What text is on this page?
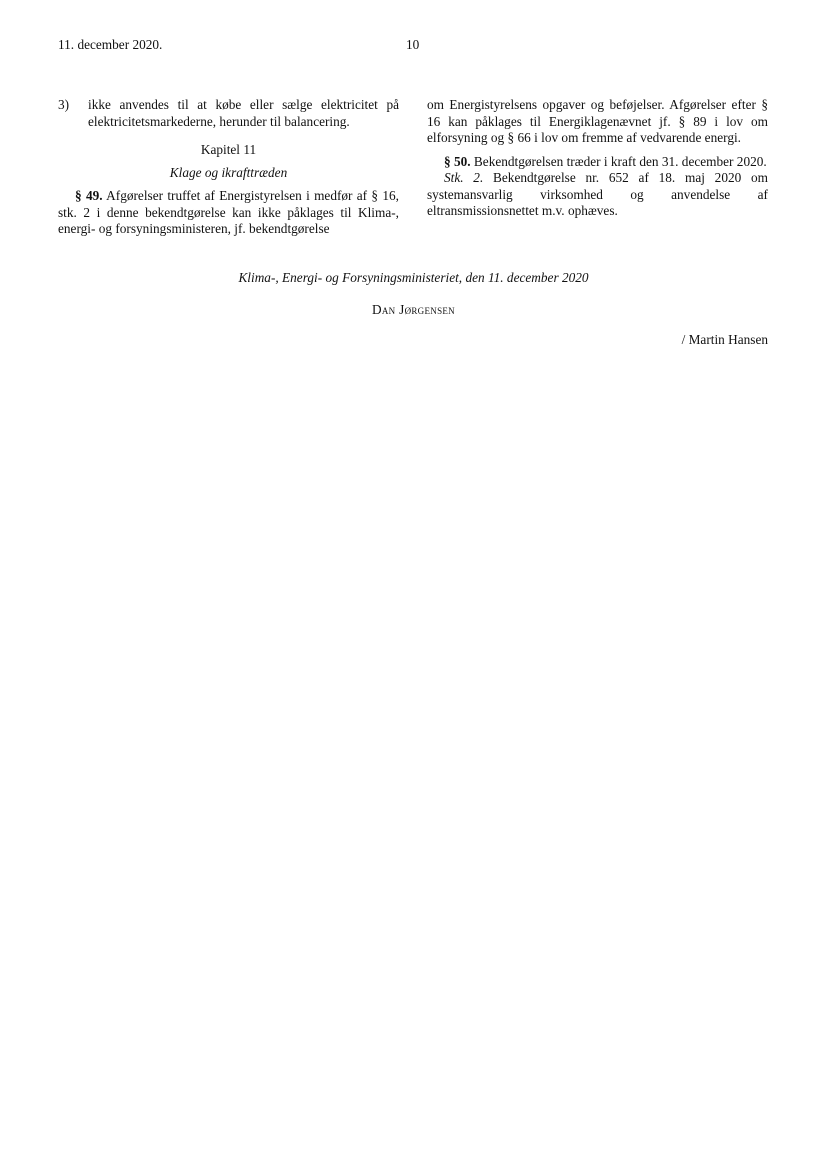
11. december 2020.	10
3)	ikke anvendes til at købe eller sælge elektricitet på elektricitetsmarkederne, herunder til balancering.
Kapitel 11
Klage og ikrafttræden
§ 49. Afgørelser truffet af Energistyrelsen i medfør af § 16, stk. 2 i denne bekendtgørelse kan ikke påklages til Klima-, energi- og forsyningsministeren, jf. bekendtgørelse
om Energistyrelsens opgaver og beføjelser. Afgørelser efter § 16 kan påklages til Energiklagenævnet jf. § 89 i lov om elforsyning og § 66 i lov om fremme af vedvarende energi.
§ 50. Bekendtgørelsen træder i kraft den 31. december 2020.
Stk. 2. Bekendtgørelse nr. 652 af 18. maj 2020 om systemansvarlig virksomhed og anvendelse af eltransmissionsnettet m.v. ophæves.
Klima-, Energi- og Forsyningsministeriet, den 11. december 2020
Dan Jørgensen
/ Martin Hansen
